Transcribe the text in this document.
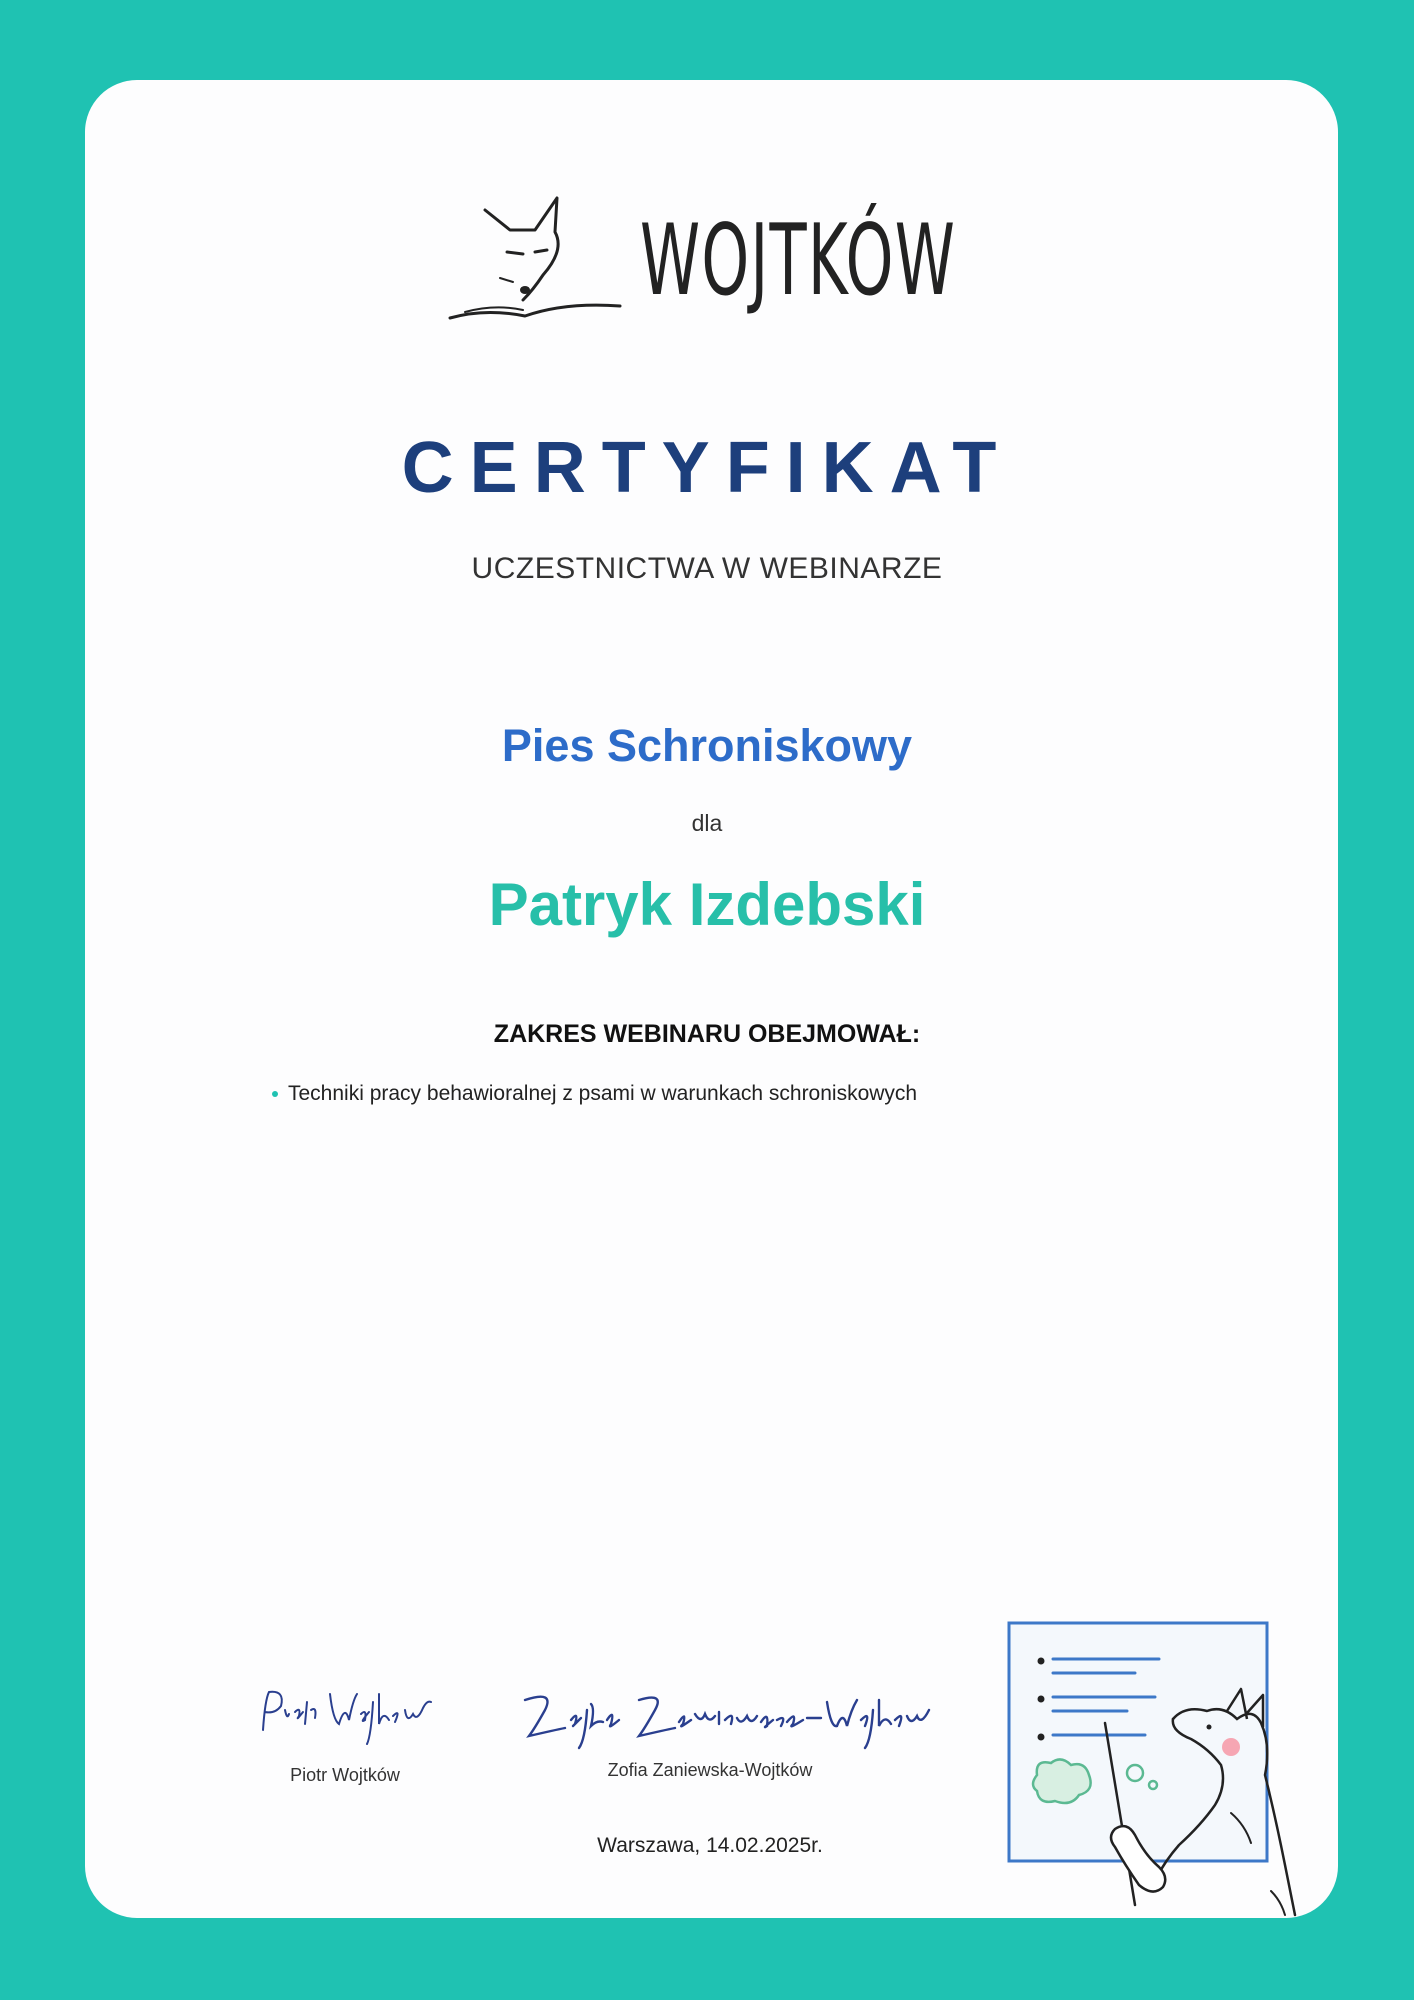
WOJTKÓW
CERTYFIKAT
UCZESTNICTWA W WEBINARZE
Pies Schroniskowy
dla
Patryk Izdebski
ZAKRES WEBINARU OBEJMOWAŁ:
Techniki pracy behawioralnej z psami w warunkach schroniskowych
Piotr Wojtków	Zofia Zaniewska-Wojtków
Warszawa, 14.02.2025r.
